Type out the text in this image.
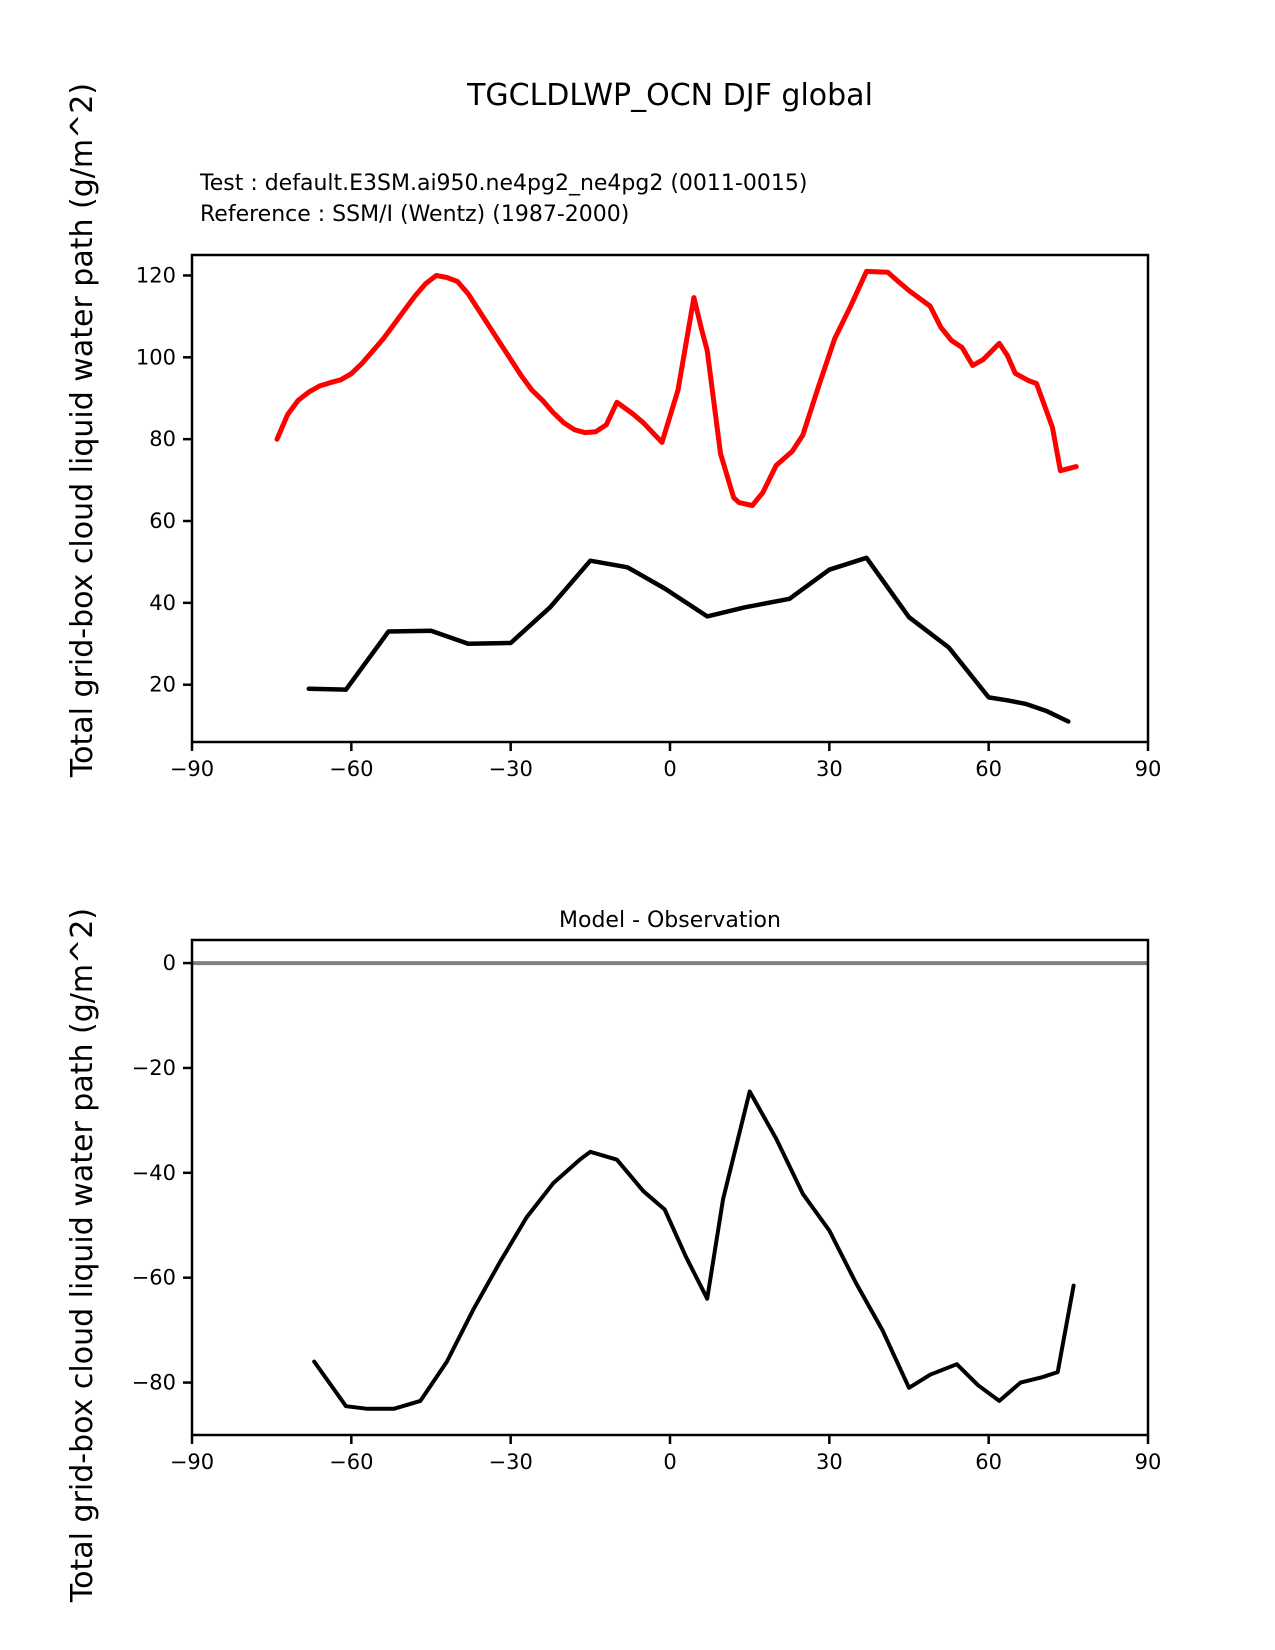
TGCLDLWP_OCN DJF global
Test : default.E3SM.ai950.ne4pg2_ne4pg2 (0011-0015)
Reference : SSM/I (Wentz) (1987-2000)
Total grid-box cloud liquid water path (g/m^2)
Model - Observation
Total grid-box cloud liquid water path (g/m^2)
−90	−60	−30	0	30	60	90
20
40
60
80
100
120
−90	−60	−30	0	30	60	90
0
−20
−40
−60
−80
